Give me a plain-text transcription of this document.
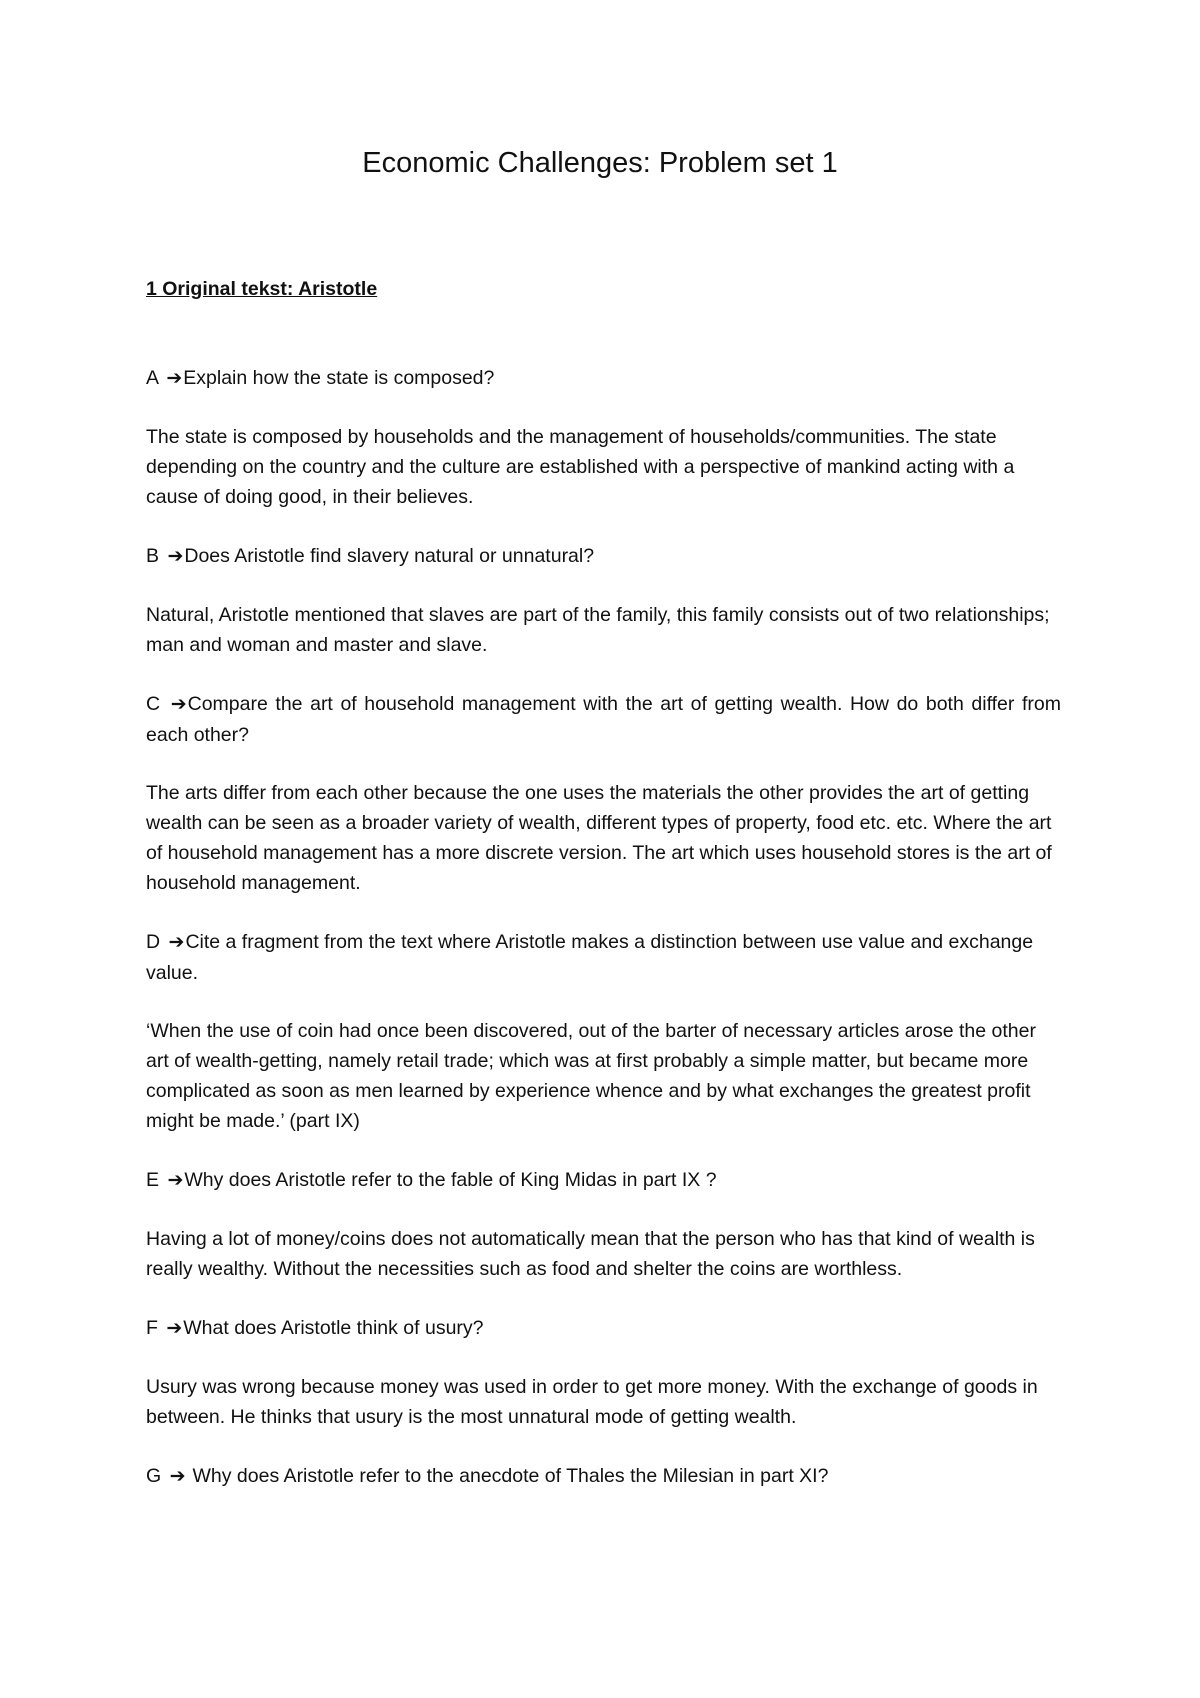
Economic Challenges: Problem set 1

1 Original tekst: Aristotle

A ➔Explain how the state is composed?

The state is composed by households and the management of households/communities. The state depending on the country and the culture are established with a perspective of mankind acting with a cause of doing good, in their believes.

B ➔Does Aristotle find slavery natural or unnatural?

Natural, Aristotle mentioned that slaves are part of the family, this family consists out of two relationships; man and woman and master and slave.

C ➔Compare the art of household management with the art of getting wealth. How do both differ from each other?

The arts differ from each other because the one uses the materials the other provides the art of getting wealth can be seen as a broader variety of wealth, different types of property, food etc. etc. Where the art of household management has a more discrete version. The art which uses household stores is the art of household management.

D ➔Cite a fragment from the text where Aristotle makes a distinction between use value and exchange value.

‘When the use of coin had once been discovered, out of the barter of necessary articles arose the other art of wealth-getting, namely retail trade; which was at first probably a simple matter, but became more complicated as soon as men learned by experience whence and by what exchanges the greatest profit might be made.’ (part IX)

E ➔Why does Aristotle refer to the fable of King Midas in part IX ?

Having a lot of money/coins does not automatically mean that the person who has that kind of wealth is really wealthy. Without the necessities such as food and shelter the coins are worthless.

F ➔What does Aristotle think of usury?

Usury was wrong because money was used in order to get more money. With the exchange of goods in between. He thinks that usury is the most unnatural mode of getting wealth.

G ➔ Why does Aristotle refer to the anecdote of Thales the Milesian in part XI?
